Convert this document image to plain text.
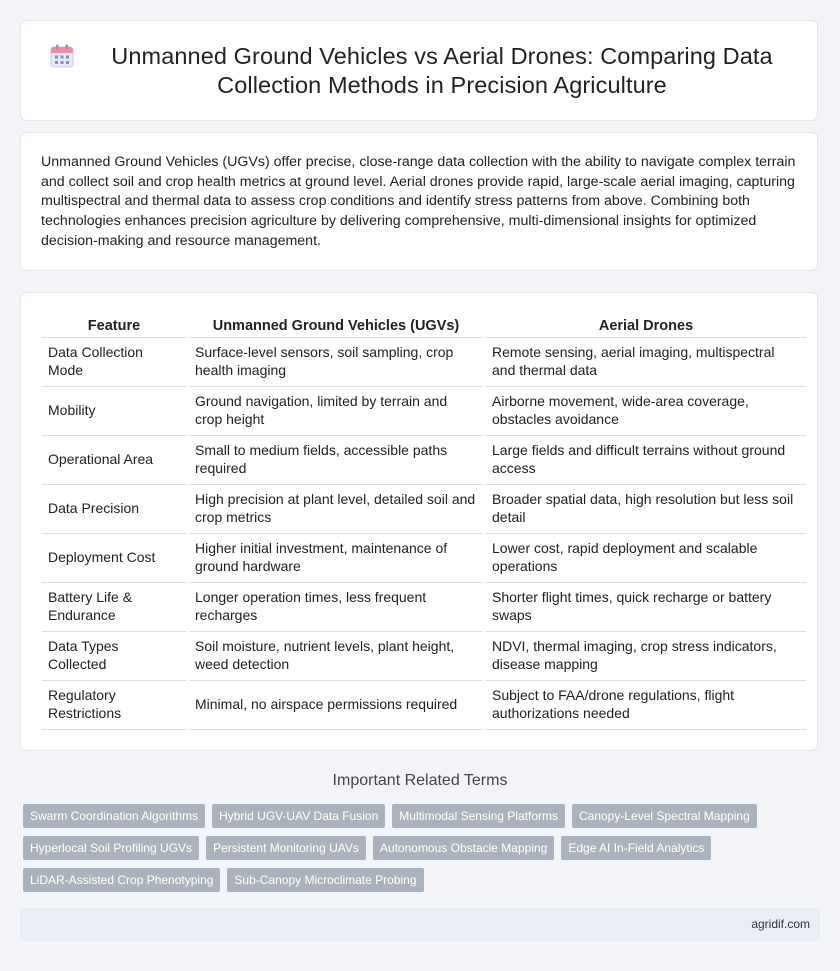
Unmanned Ground Vehicles vs Aerial Drones: Comparing Data Collection Methods in Precision Agriculture

Unmanned Ground Vehicles (UGVs) offer precise, close-range data collection with the ability to navigate complex terrain and collect soil and crop health metrics at ground level. Aerial drones provide rapid, large-scale aerial imaging, capturing multispectral and thermal data to assess crop conditions and identify stress patterns from above. Combining both technologies enhances precision agriculture by delivering comprehensive, multi-dimensional insights for optimized decision-making and resource management.

Feature	Unmanned Ground Vehicles (UGVs)	Aerial Drones
Data Collection Mode	Surface-level sensors, soil sampling, crop health imaging	Remote sensing, aerial imaging, multispectral and thermal data
Mobility	Ground navigation, limited by terrain and crop height	Airborne movement, wide-area coverage, obstacles avoidance
Operational Area	Small to medium fields, accessible paths required	Large fields and difficult terrains without ground access
Data Precision	High precision at plant level, detailed soil and crop metrics	Broader spatial data, high resolution but less soil detail
Deployment Cost	Higher initial investment, maintenance of ground hardware	Lower cost, rapid deployment and scalable operations
Battery Life & Endurance	Longer operation times, less frequent recharges	Shorter flight times, quick recharge or battery swaps
Data Types Collected	Soil moisture, nutrient levels, plant height, weed detection	NDVI, thermal imaging, crop stress indicators, disease mapping
Regulatory Restrictions	Minimal, no airspace permissions required	Subject to FAA/drone regulations, flight authorizations needed
Important Related Terms
Swarm Coordination Algorithms	Hybrid UGV-UAV Data Fusion	Multimodal Sensing Platforms	Canopy-Level Spectral Mapping
Hyperlocal Soil Profiling UGVs	Persistent Monitoring UAVs	Autonomous Obstacle Mapping	Edge AI In-Field Analytics
LiDAR-Assisted Crop Phenotyping	Sub-Canopy Microclimate Probing
agridif.com
